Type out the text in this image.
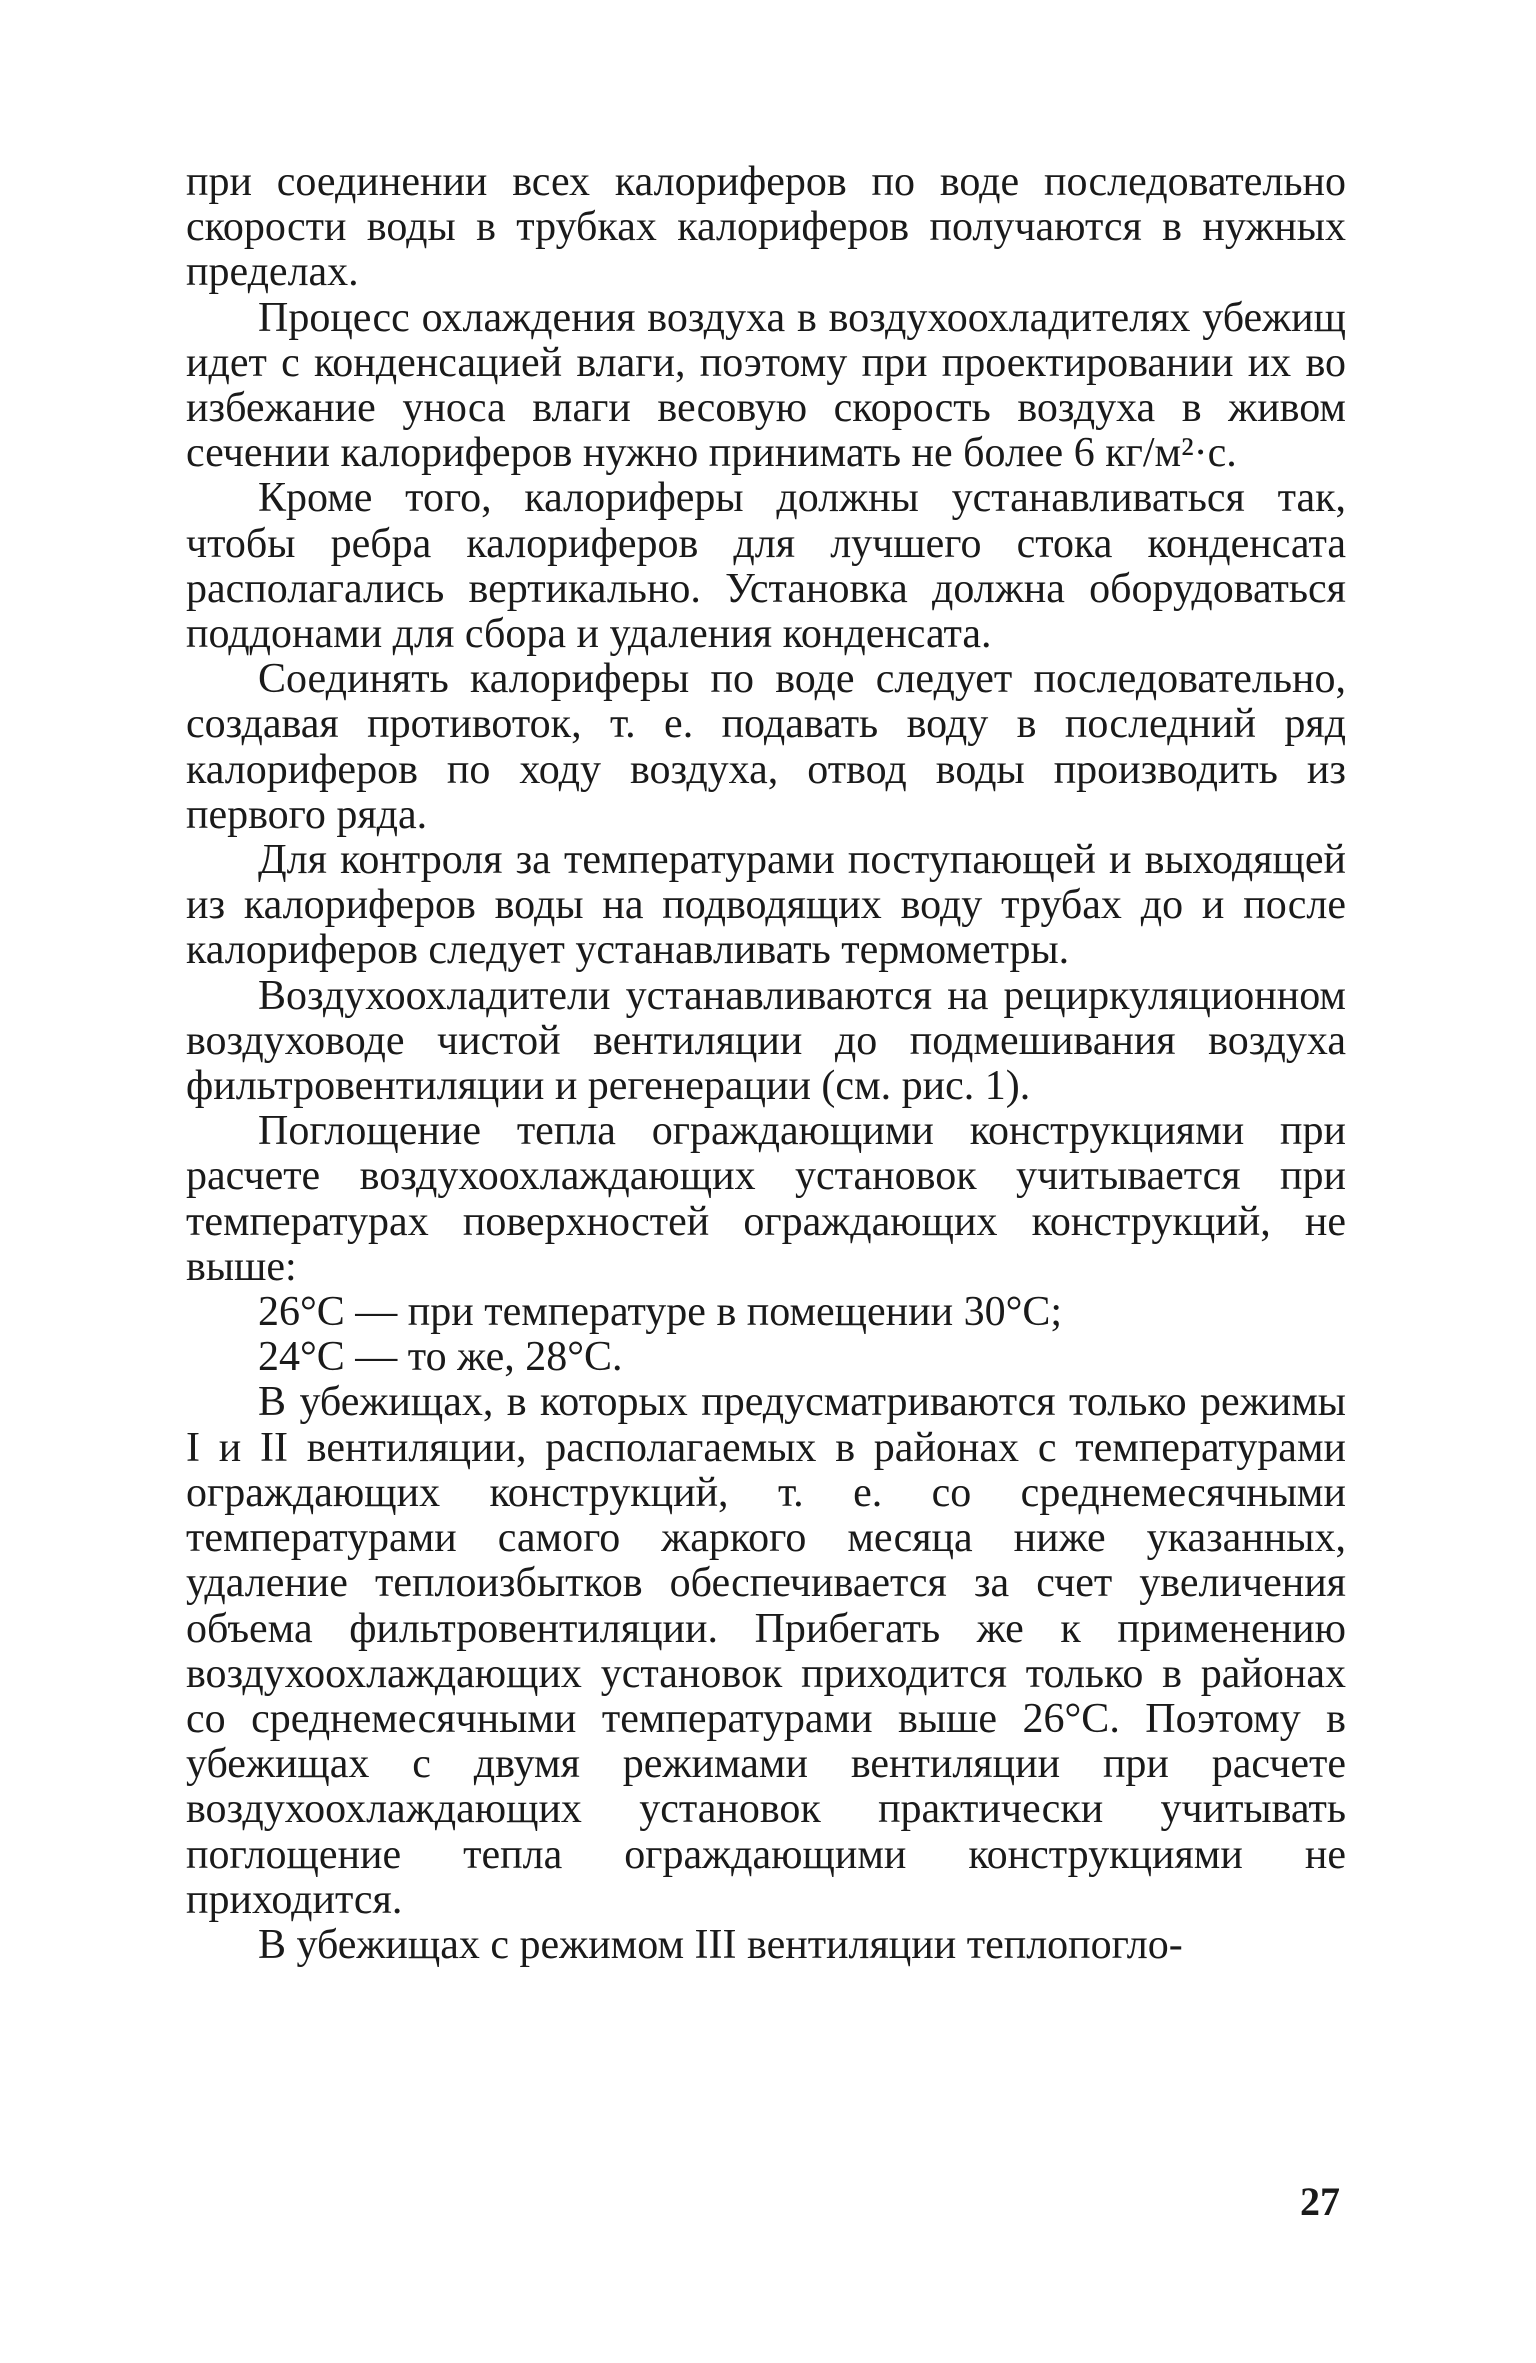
при соединении всех калориферов по воде последовательно скорости воды в трубках калориферов получаются в нужных пределах.

Процесс охлаждения воздуха в воздухоохладителях убежищ идет с конденсацией влаги, поэтому при проектировании их во избежание уноса влаги весовую скорость воздуха в живом сечении калориферов нужно принимать не более 6 кг/м²·с.

Кроме того, калориферы должны устанавливаться так, чтобы ребра калориферов для лучшего стока конденсата располагались вертикально. Установка должна оборудоваться поддонами для сбора и удаления конденсата.

Соединять калориферы по воде следует последовательно, создавая противоток, т. е. подавать воду в последний ряд калориферов по ходу воздуха, отвод воды производить из первого ряда.

Для контроля за температурами поступающей и выходящей из калориферов воды на подводящих воду трубах до и после калориферов следует устанавливать термометры.

Воздухоохладители устанавливаются на рециркуляционном воздуховоде чистой вентиляции до подмешивания воздуха фильтровентиляции и регенерации (см. рис. 1).

Поглощение тепла ограждающими конструкциями при расчете воздухоохлаждающих установок учитывается при температурах поверхностей ограждающих конструкций, не выше:

26°C — при температуре в помещении 30°C;

24°C — то же, 28°C.

В убежищах, в которых предусматриваются только режимы I и II вентиляции, располагаемых в районах с температурами ограждающих конструкций, т. е. со среднемесячными температурами самого жаркого месяца ниже указанных, удаление теплоизбытков обеспечивается за счет увеличения объема фильтровентиляции. Прибегать же к применению воздухоохлаждающих установок приходится только в районах со среднемесячными температурами выше 26°C. Поэтому в убежищах с двумя режимами вентиляции при расчете воздухоохлаждающих установок практически учитывать поглощение тепла ограждающими конструкциями не приходится.

В убежищах с режимом III вентиляции теплопогло-

27
